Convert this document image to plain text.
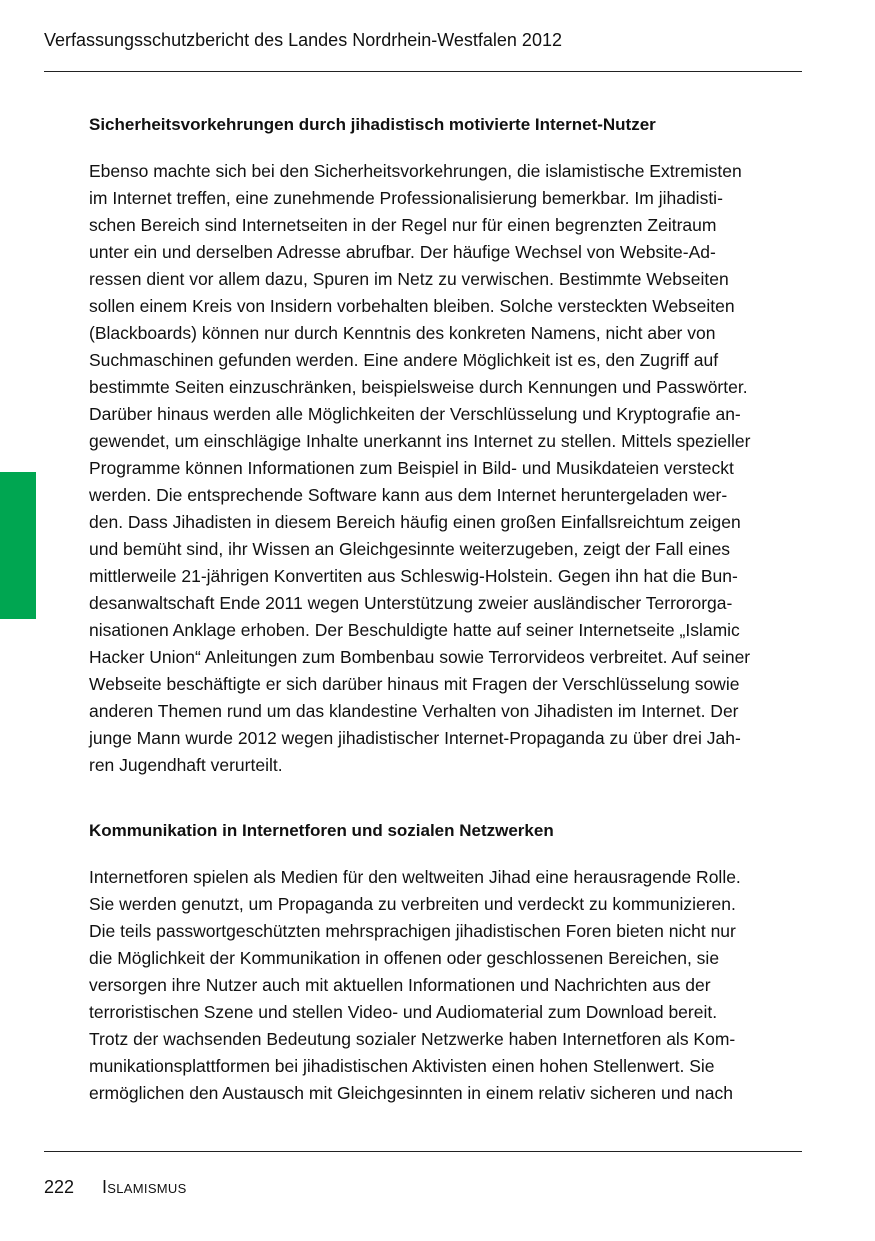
Verfassungsschutzbericht des Landes Nordrhein-Westfalen 2012
Sicherheitsvorkehrungen durch jihadistisch motivierte Internet-Nutzer

Ebenso machte sich bei den Sicherheitsvorkehrungen, die islamistische Extremisten
im Internet treffen, eine zunehmende Professionalisierung bemerkbar. Im jihadisti-
schen Bereich sind Internetseiten in der Regel nur für einen begrenzten Zeitraum
unter ein und derselben Adresse abrufbar. Der häufige Wechsel von Website-Ad-
ressen dient vor allem dazu, Spuren im Netz zu verwischen. Bestimmte Webseiten
sollen einem Kreis von Insidern vorbehalten bleiben. Solche versteckten Webseiten
(Blackboards) können nur durch Kenntnis des konkreten Namens, nicht aber von
Suchmaschinen gefunden werden. Eine andere Möglichkeit ist es, den Zugriff auf
bestimmte Seiten einzuschränken, beispielsweise durch Kennungen und Passwörter.
Darüber hinaus werden alle Möglichkeiten der Verschlüsselung und Kryptografie an-
gewendet, um einschlägige Inhalte unerkannt ins Internet zu stellen. Mittels spezieller
Programme können Informationen zum Beispiel in Bild- und Musikdateien versteckt
werden. Die entsprechende Software kann aus dem Internet heruntergeladen wer-
den. Dass Jihadisten in diesem Bereich häufig einen großen Einfallsreichtum zeigen
und bemüht sind, ihr Wissen an Gleichgesinnte weiterzugeben, zeigt der Fall eines
mittlerweile 21-jährigen Konvertiten aus Schleswig-Holstein. Gegen ihn hat die Bun-
desanwaltschaft Ende 2011 wegen Unterstützung zweier ausländischer Terrororga-
nisationen Anklage erhoben. Der Beschuldigte hatte auf seiner Internetseite „Islamic
Hacker Union“ Anleitungen zum Bombenbau sowie Terrorvideos verbreitet. Auf seiner
Webseite beschäftigte er sich darüber hinaus mit Fragen der Verschlüsselung sowie
anderen Themen rund um das klandestine Verhalten von Jihadisten im Internet. Der
junge Mann wurde 2012 wegen jihadistischer Internet-Propaganda zu über drei Jah-
ren Jugendhaft verurteilt.

Kommunikation in Internetforen und sozialen Netzwerken

Internetforen spielen als Medien für den weltweiten Jihad eine herausragende Rolle.
Sie werden genutzt, um Propaganda zu verbreiten und verdeckt zu kommunizieren.
Die teils passwortgeschützten mehrsprachigen jihadistischen Foren bieten nicht nur
die Möglichkeit der Kommunikation in offenen oder geschlossenen Bereichen, sie
versorgen ihre Nutzer auch mit aktuellen Informationen und Nachrichten aus der
terroristischen Szene und stellen Video- und Audiomaterial zum Download bereit.
Trotz der wachsenden Bedeutung sozialer Netzwerke haben Internetforen als Kom-
munikationsplattformen bei jihadistischen Aktivisten einen hohen Stellenwert. Sie
ermöglichen den Austausch mit Gleichgesinnten in einem relativ sicheren und nach

222 Islamismus
